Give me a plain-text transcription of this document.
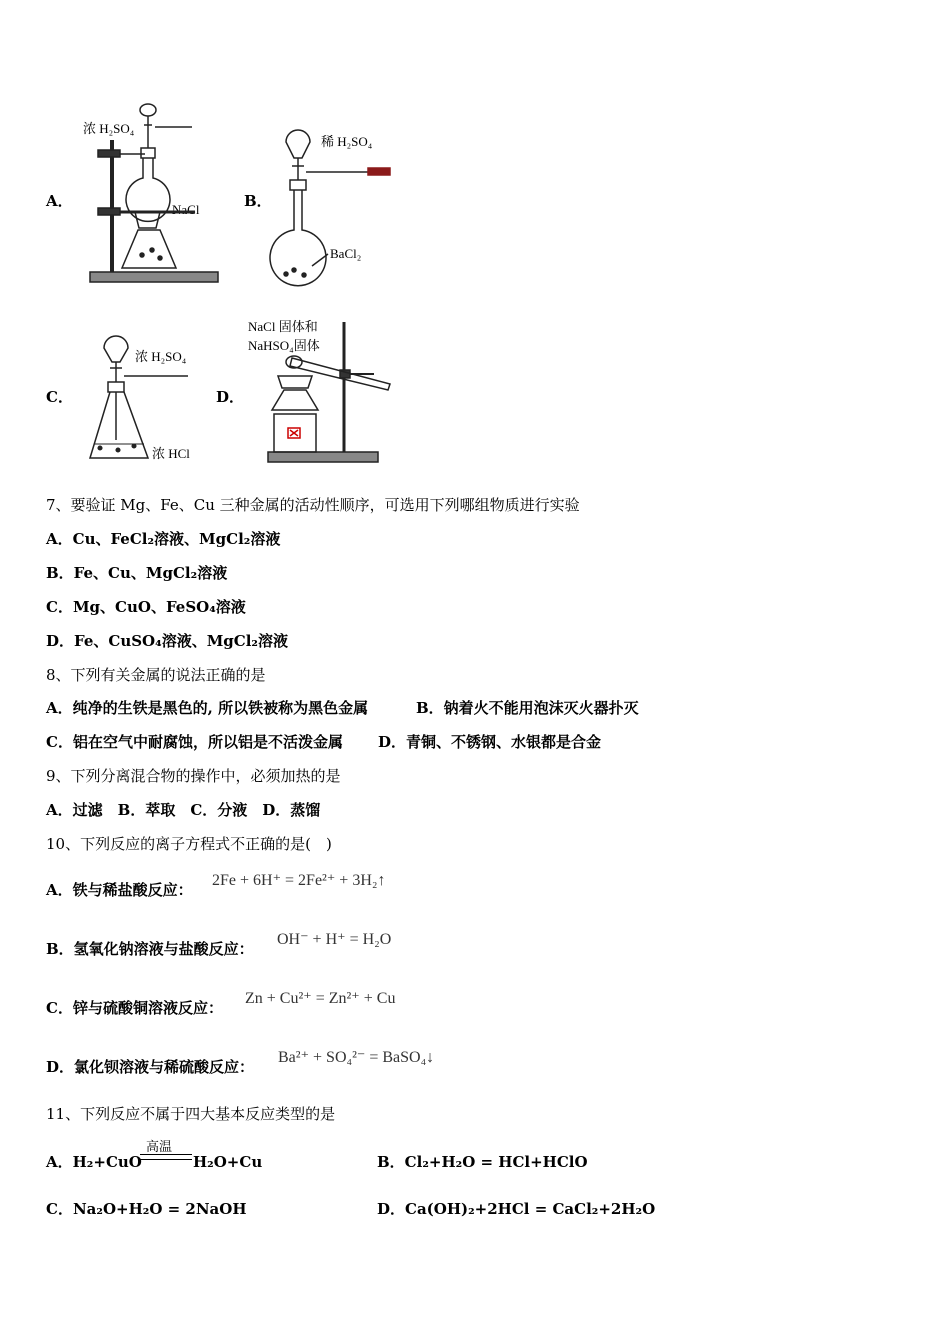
A．
浓 H₂SO₄
NaCl	B．
稀 H₂SO₄
BaCl₂
C．
浓 H₂SO₄
浓 HCl
D．
NaCl 固体和
NaHSO₄固体
7、要验证 Mg、Fe、Cu 三种金属的活动性顺序，可选用下列哪组物质进行实验
A．Cu、FeCl₂溶液、MgCl₂溶液
B．Fe、Cu、MgCl₂溶液
C．Mg、CuO、FeSO₄溶液
D．Fe、CuSO₄溶液、MgCl₂溶液
8、下列有关金属的说法正确的是
A．纯净的生铁是黑色的, 所以铁被称为黑色金属	B．钠着火不能用泡沫灭火器扑灭
C．铝在空气中耐腐蚀，所以铝是不活泼金属 D．青铜、不锈钢、水银都是合金
9、下列分离混合物的操作中，必须加热的是
A．过滤　B．萃取　C．分液　D．蒸馏
10、下列反应的离子方程式不正确的是(　)
A．铁与稀盐酸反应：
2Fe + 6H⁺ = 2Fe²⁺ + 3H₂↑
B．氢氧化钠溶液与盐酸反应：
OH⁻ + H⁺ = H₂O
C．锌与硫酸铜溶液反应：
Zn + Cu²⁺ = Zn²⁺ + Cu
D．氯化钡溶液与稀硫酸反应：
Ba²⁺ + SO₄²⁻ = BaSO₄↓
11、下列反应不属于四大基本反应类型的是
A．H₂+CuO
高温
H₂O+Cu	B．Cl₂+H₂O = HCl+HClO
C．Na₂O+H₂O = 2NaOH	D．Ca(OH)₂+2HCl = CaCl₂+2H₂O
